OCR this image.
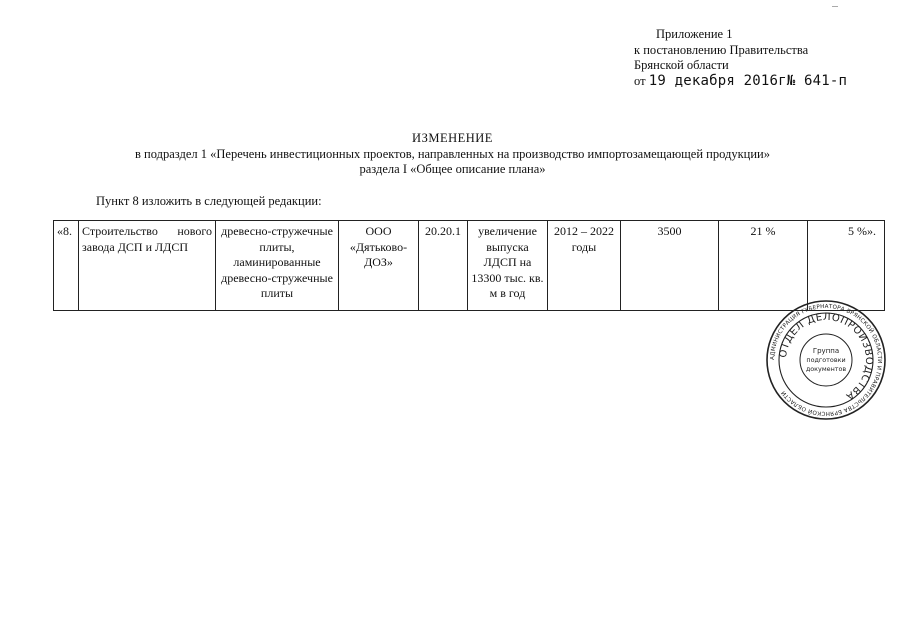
Приложение 1
к постановлению Правительства
Брянской области
от 19 декабря 2016г№ 641-п
ИЗМЕНЕНИЕ
в подраздел 1 «Перечень инвестиционных проектов, направленных на производство импортозамещающей продукции»
раздела I «Общее описание плана»
Пункт 8 изложить в следующей редакции:
«8.	Строительство нового завода ДСП и ЛДСП	древесно-стружечные плиты, ламинированные древесно-стружечные плиты	ООО «Дятьково-ДОЗ»	20.20.1	увеличение выпуска ЛДСП на 13300 тыс. кв. м в год	2012 – 2022 годы	3500	21 %	5 %».
АДМИНИСТРАЦИЯ ГУБЕРНАТОРА БРЯНСКОЙ ОБЛАСТИ И ПРАВИТЕЛЬСТВА БРЯНСКОЙ ОБЛАСТИ
ОТДЕЛ ДЕЛОПРОИЗВОДСТВА
Группа
подготовки
документов
